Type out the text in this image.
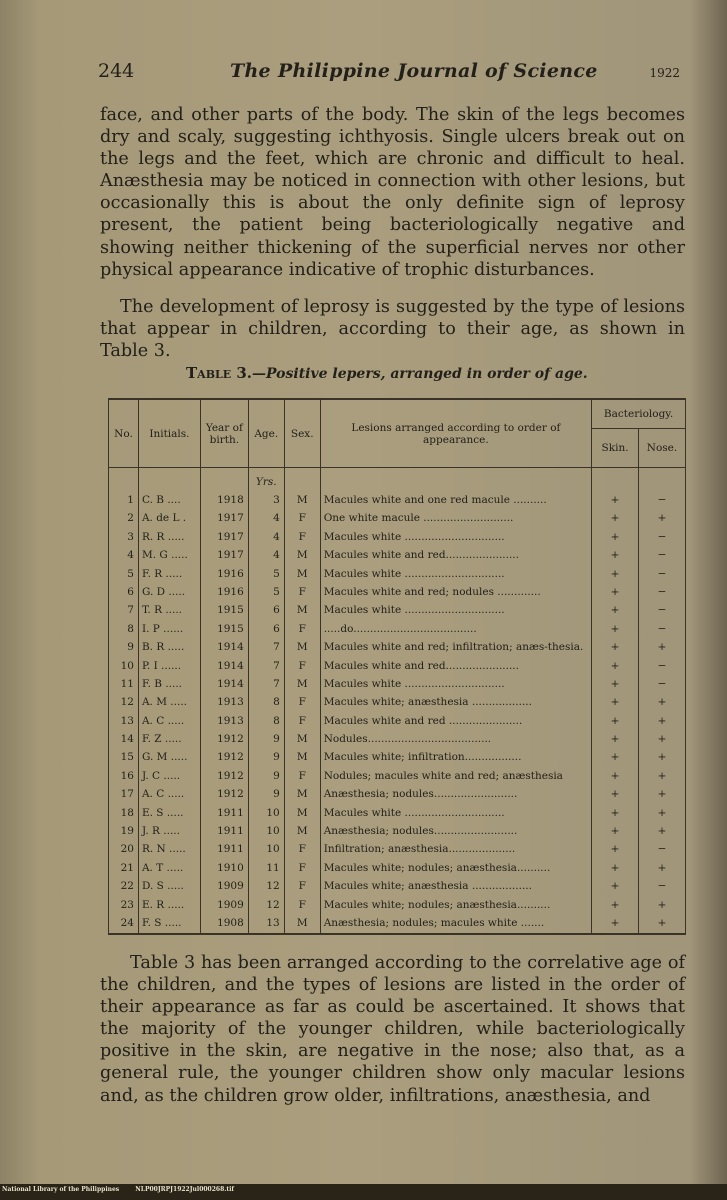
244	The Philippine Journal of Science	1922

face, and other parts of the body. The skin of the legs becomes dry and scaly, suggesting ichthyosis. Single ulcers break out on the legs and the feet, which are chronic and difficult to heal. Anæsthesia may be noticed in connection with other lesions, but occasionally this is about the only definite sign of leprosy present, the patient being bacteriologically negative and showing neither thickening of the superficial nerves nor other physical appearance indicative of trophic disturbances.

The development of leprosy is suggested by the type of lesions that appear in children, according to their age, as shown in Table 3.

Table 3.—Positive lepers, arranged in order of age.
No.	Initials.	Year of birth.	Age.	Sex.	Lesions arranged according to order of appearance.	Bacteriology.	
						Skin.	Nose.
			Yrs.				
1	C. B ....	1918	3	M	Macules white and one red macule ..........	+	−
2	A. de L .	1917	4	F	One white macule ...........................	+	+
3	R. R .....	1917	4	F	Macules white ..............................	+	−
4	M. G .....	1917	4	M	Macules white and red......................	+	−
5	F. R .....	1916	5	M	Macules white ..............................	+	−
6	G. D .....	1916	5	F	Macules white and red; nodules .............	+	−
7	T. R .....	1915	6	M	Macules white ..............................	+	−
8	I. P ......	1915	6	F	.....do.....................................	+	−
9	B. R .....	1914	7	M	Macules white and red; infiltration; anæs-thesia.	+	+
10	P. I ......	1914	7	F	Macules white and red......................	+	−
11	F. B .....	1914	7	M	Macules white ..............................	+	−
12	A. M .....	1913	8	F	Macules white; anæsthesia ..................	+	+
13	A. C .....	1913	8	F	Macules white and red ......................	+	+
14	F. Z .....	1912	9	M	Nodules.....................................	+	+
15	G. M .....	1912	9	M	Macules white; infiltration.................	+	+
16	J. C .....	1912	9	F	Nodules; macules white and red; anæsthesia	+	+
17	A. C .....	1912	9	M	Anæsthesia; nodules.........................	+	+
18	E. S .....	1911	10	M	Macules white ..............................	+	+
19	J. R .....	1911	10	M	Anæsthesia; nodules.........................	+	+
20	R. N .....	1911	10	F	Infiltration; anæsthesia....................	+	−
21	A. T .....	1910	11	F	Macules white; nodules; anæsthesia..........	+	+
22	D. S .....	1909	12	F	Macules white; anæsthesia ..................	+	−
23	E. R .....	1909	12	F	Macules white; nodules; anæsthesia..........	+	+
24	F. S .....	1908	13	M	Anæsthesia; nodules; macules white .......	+	+

Table 3 has been arranged according to the correlative age of the children, and the types of lesions are listed in the order of their appearance as far as could be ascertained. It shows that the majority of the younger children, while bacteriologically positive in the skin, are negative in the nose; also that, as a general rule, the younger children show only macular lesions and, as the children grow older, infiltrations, anæsthesia, and

National Library of the Philippines	NLP00JRPJ1922Jul000268.tif
